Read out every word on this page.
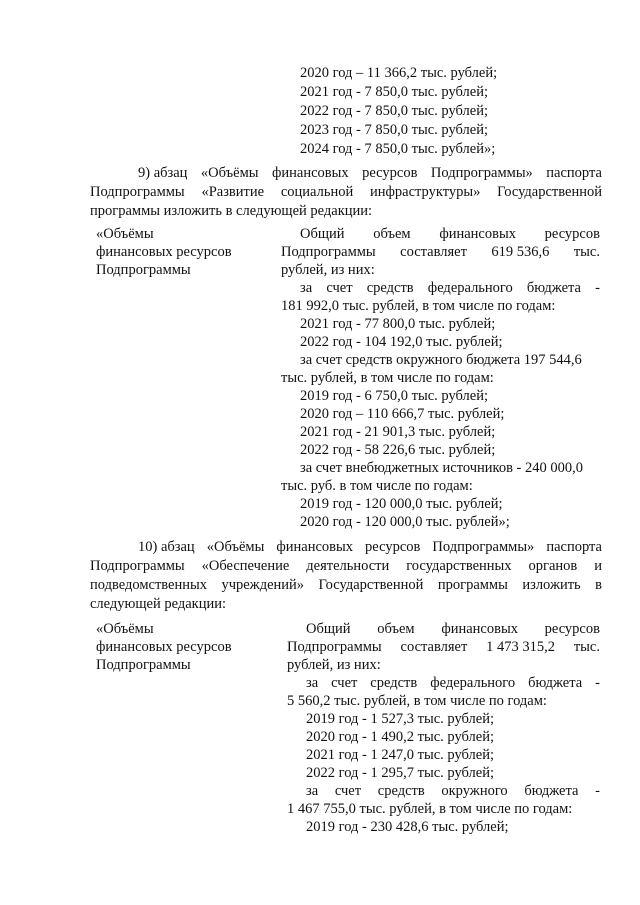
2020 год – 11 366,2 тыс. рублей;
2021 год - 7 850,0 тыс. рублей;
2022 год - 7 850,0 тыс. рублей;
2023 год - 7 850,0 тыс. рублей;
2024 год - 7 850,0 тыс. рублей»;
9) абзац «Объёмы финансовых ресурсов Подпрограммы» паспорта
Подпрограммы «Развитие социальной инфраструктуры» Государственной
программы изложить в следующей редакции:
«Объёмы
финансовых ресурсов
Подпрограммы
Общий объем финансовых ресурсов
Подпрограммы составляет 619 536,6 тыс.
рублей, из них:
за счет средств федерального бюджета -
181 992,0 тыс. рублей, в том числе по годам:
2021 год - 77 800,0 тыс. рублей;
2022 год - 104 192,0 тыс. рублей;
за счет средств окружного бюджета 197 544,6
тыс. рублей, в том числе по годам:
2019 год - 6 750,0 тыс. рублей;
2020 год – 110 666,7 тыс. рублей;
2021 год - 21 901,3 тыс. рублей;
2022 год - 58 226,6 тыс. рублей;
за счет внебюджетных источников - 240 000,0
тыс. руб. в том числе по годам:
2019 год - 120 000,0 тыс. рублей;
2020 год - 120 000,0 тыс. рублей»;
10) абзац «Объёмы финансовых ресурсов Подпрограммы» паспорта
Подпрограммы «Обеспечение деятельности государственных органов и
подведомственных учреждений» Государственной программы изложить в
следующей редакции:
«Объёмы
финансовых ресурсов
Подпрограммы
Общий объем финансовых ресурсов
Подпрограммы составляет 1 473 315,2 тыс.
рублей, из них:
за счет средств федерального бюджета -
5 560,2 тыс. рублей, в том числе по годам:
2019 год - 1 527,3 тыс. рублей;
2020 год - 1 490,2 тыс. рублей;
2021 год - 1 247,0 тыс. рублей;
2022 год - 1 295,7 тыс. рублей;
за счет средств окружного бюджета -
1 467 755,0 тыс. рублей, в том числе по годам:
2019 год - 230 428,6 тыс. рублей;
